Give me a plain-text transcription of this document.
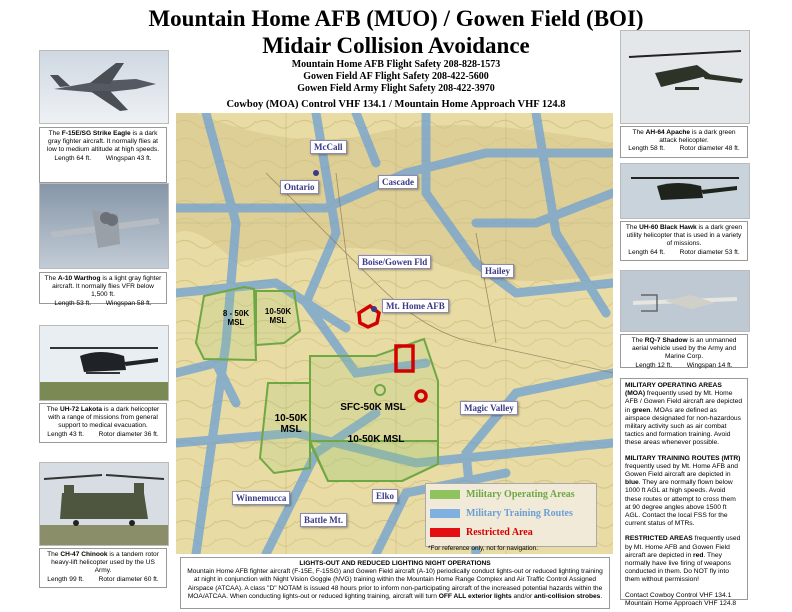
Mountain Home AFB (MUO) / Gowen Field (BOI)
Midair Collision Avoidance
Mountain Home AFB Flight Safety 208-828-1573
Gowen Field AF Flight Safety 208-422-5600
Gowen Field Army Flight Safety 208-422-3970
Cowboy (MOA) Control VHF 134.1 / Mountain Home Approach VHF 124.8
The F-15E/SG Strike Eagle is a dark gray fighter aircraft. It normally flies at low to medium altitude at high speeds.
Length 64 ft. Wingspan 43 ft.
The A-10 Warthog is a light gray fighter aircraft. It normally flies VFR below 1,500 ft.
Length 53 ft. Wingspan 58 ft.
The UH-72 Lakota is a dark helicopter with a range of missions from general support to medical evacuation.
Length 43 ft. Rotor diameter 36 ft.
The CH-47 Chinook is a tandem rotor heavy-lift helicopter used by the US Army.
Length 99 ft. Rotor diameter 60 ft.
The AH-64 Apache is a dark green attack helicopter.
Length 58 ft. Rotor diameter 48 ft.
The UH-60 Black Hawk is a dark green utility helicopter that is used in a variety of missions.
Length 64 ft. Rotor diameter 53 ft.
The RQ-7 Shadow is an unmanned aerial vehicle used by the Army and Marine Corp.
Length 12 ft. Wingspan 14 ft.
McCall
Ontario	Cascade
Boise/Gowen Fld
Hailey
Mt. Home AFB
Magic Valley
Winnemucca	Elko
Battle Mt.
8 - 50K MSL
10-50K MSL
SFC-50K MSL
10-50K MSL
10-50K MSL
Military Operating Areas
Military Training Routes
Restricted Area
*For reference only, not for navigation.

MILITARY OPERATING AREAS (MOA) frequently used by Mt. Home AFB / Gowen Field aircraft are depicted in green. MOAs are defined as airspace designated for non-hazardous military activity such as air combat tactics and formation training. Avoid these areas whenever possible.

MILITARY TRAINING ROUTES (MTR) frequently used by Mt. Home AFB and Gowen Field aircraft are depicted in blue. They are normally flown below 1000 ft AGL at high speeds. Avoid these routes or attempt to cross them at 90 degree angles above 1500 ft AGL. Contact the local FSS for the current status of MTRs.

RESTRICTED AREAS frequently used by Mt. Home AFB and Gowen Field aircraft are depicted in red. They normally have live firing of weapons conducted in them. Do NOT fly into them without permission!

Contact Cowboy Control VHF 134.1
Mountain Home Approach VHF 124.8

LIGHTS-OUT AND REDUCED LIGHTING NIGHT OPERATIONS
Mountain Home AFB fighter aircraft (F-15E, F-15SG) and Gowen Field aircraft (A-10) periodically conduct lights-out or reduced lighting training at night in conjunction with Night Vision Goggle (NVG) training within the Mountain Home Range Complex and Air Traffic Control Assigned Airspace (ATCAA). A class "D" NOTAM is issued 48 hours prior to inform non-participating aircraft of the increased potential hazards within the MOA/ATCAA. When conducting lights-out or reduced lighting training, aircraft will turn OFF ALL exterior lights and/or anti-collision strobes.
